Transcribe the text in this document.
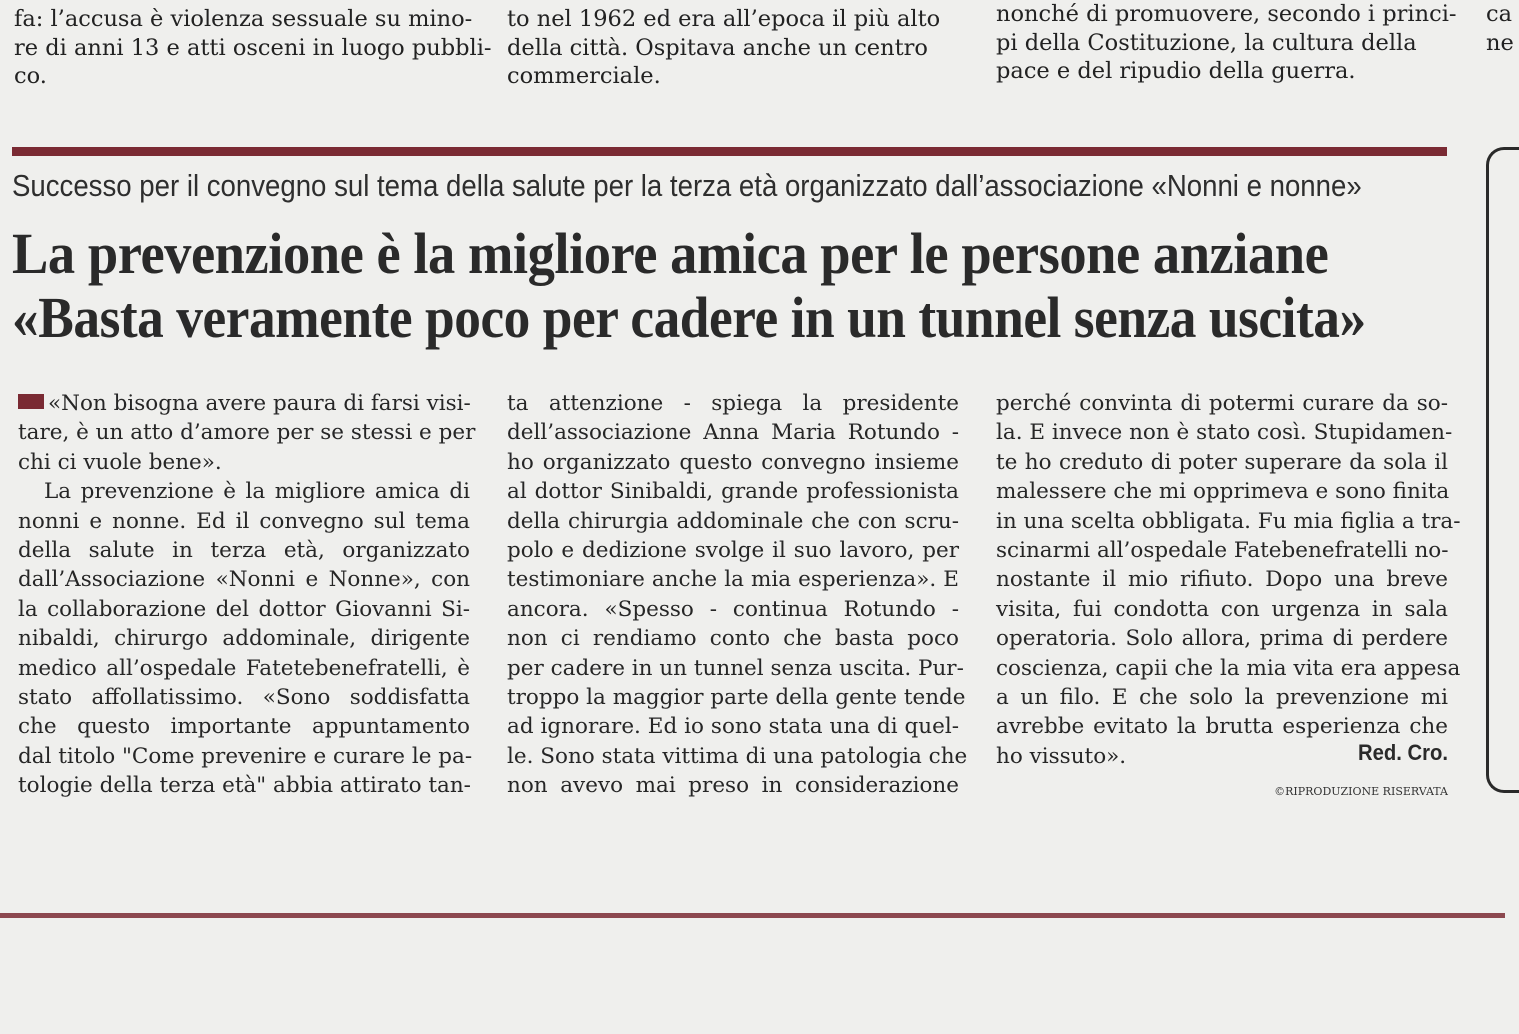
fa: l’accusa è violenza sessuale su mino-
re di anni 13 e atti osceni in luogo pubbli-
co.
to nel 1962 ed era all’epoca il più alto
della città. Ospitava anche un centro
commerciale.
nonché di promuovere, secondo i princi-
pi della Costituzione, la cultura della
pace e del ripudio della guerra.
ca
ne
Successo per il convegno sul tema della salute per la terza età organizzato dall’associazione «Nonni e nonne»
La prevenzione è la migliore amica per le persone anziane
«Basta veramente poco per cadere in un tunnel senza uscita»
«Non bisogna avere paura di farsi visi-
tare, è un atto d’amore per se stessi e per
chi ci vuole bene».
La prevenzione è la migliore amica di
nonni e nonne. Ed il convegno sul tema
della salute in terza età, organizzato
dall’Associazione «Nonni e Nonne», con
la collaborazione del dottor Giovanni Si-
nibaldi, chirurgo addominale, dirigente
medico all’ospedale Fatetebenefratelli, è
stato affollatissimo. «Sono soddisfatta
che questo importante appuntamento
dal titolo "Come prevenire e curare le pa-
tologie della terza età" abbia attirato tan-
ta attenzione - spiega la presidente
dell’associazione Anna Maria Rotundo -
ho organizzato questo convegno insieme
al dottor Sinibaldi, grande professionista
della chirurgia addominale che con scru-
polo e dedizione svolge il suo lavoro, per
testimoniare anche la mia esperienza». E
ancora. «Spesso - continua Rotundo -
non ci rendiamo conto che basta poco
per cadere in un tunnel senza uscita. Pur-
troppo la maggior parte della gente tende
ad ignorare. Ed io sono stata una di quel-
le. Sono stata vittima di una patologia che
non avevo mai preso in considerazione
perché convinta di potermi curare da so-
la. E invece non è stato così. Stupidamen-
te ho creduto di poter superare da sola il
malessere che mi opprimeva e sono finita
in una scelta obbligata. Fu mia figlia a tra-
scinarmi all’ospedale Fatebenefratelli no-
nostante il mio rifiuto. Dopo una breve
visita, fui condotta con urgenza in sala
operatoria. Solo allora, prima di perdere
coscienza, capii che la mia vita era appesa
a un filo. E che solo la prevenzione mi
avrebbe evitato la brutta esperienza che
ho vissuto».	Red. Cro.
©RIPRODUZIONE RISERVATA
